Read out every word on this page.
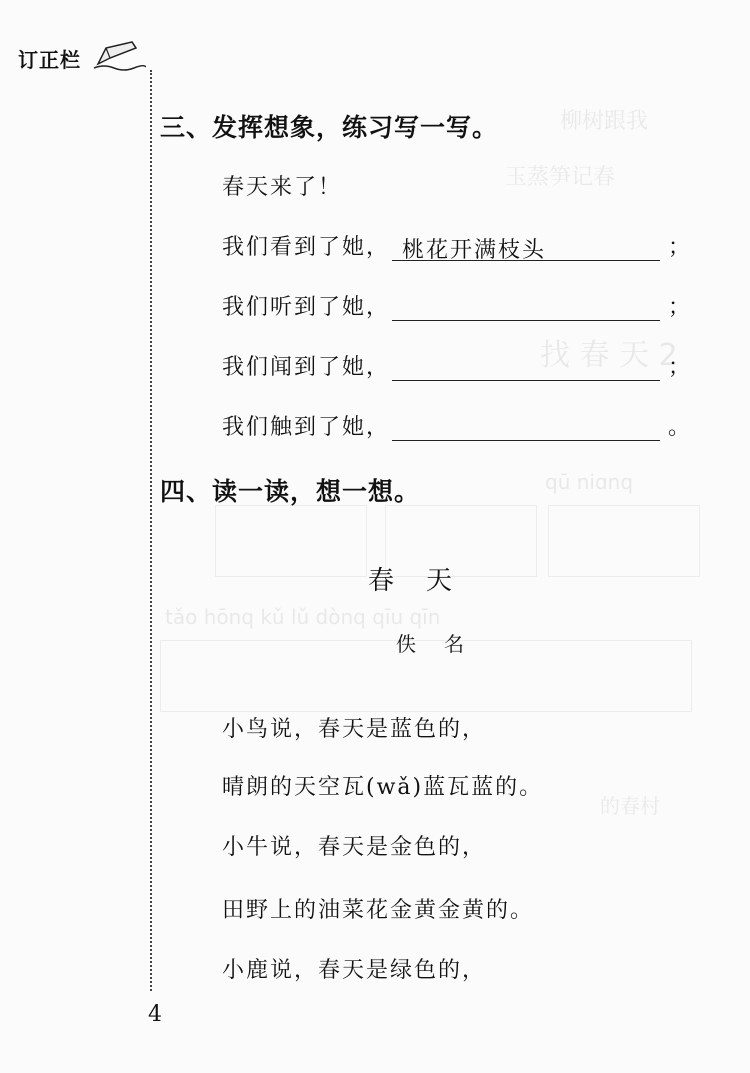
柳树跟我
玉蒸笋记春
找 春 天 2
qū niɑnq
tǎo hōnq kǔ lǔ dònq qīu qīn
的春村
订正栏
三、发挥想象，练习写一写。
春天来了！
我们看到了她， 桃花开满枝头	；
我们听到了她，	；
我们闻到了她，	；
我们触到了她，	。
四、读一读，想一想。
春天
佚名
小鸟说，春天是蓝色的，
晴朗的天空瓦(wǎ)蓝瓦蓝的。
小牛说，春天是金色的，
田野上的油菜花金黄金黄的。
小鹿说，春天是绿色的，
4
